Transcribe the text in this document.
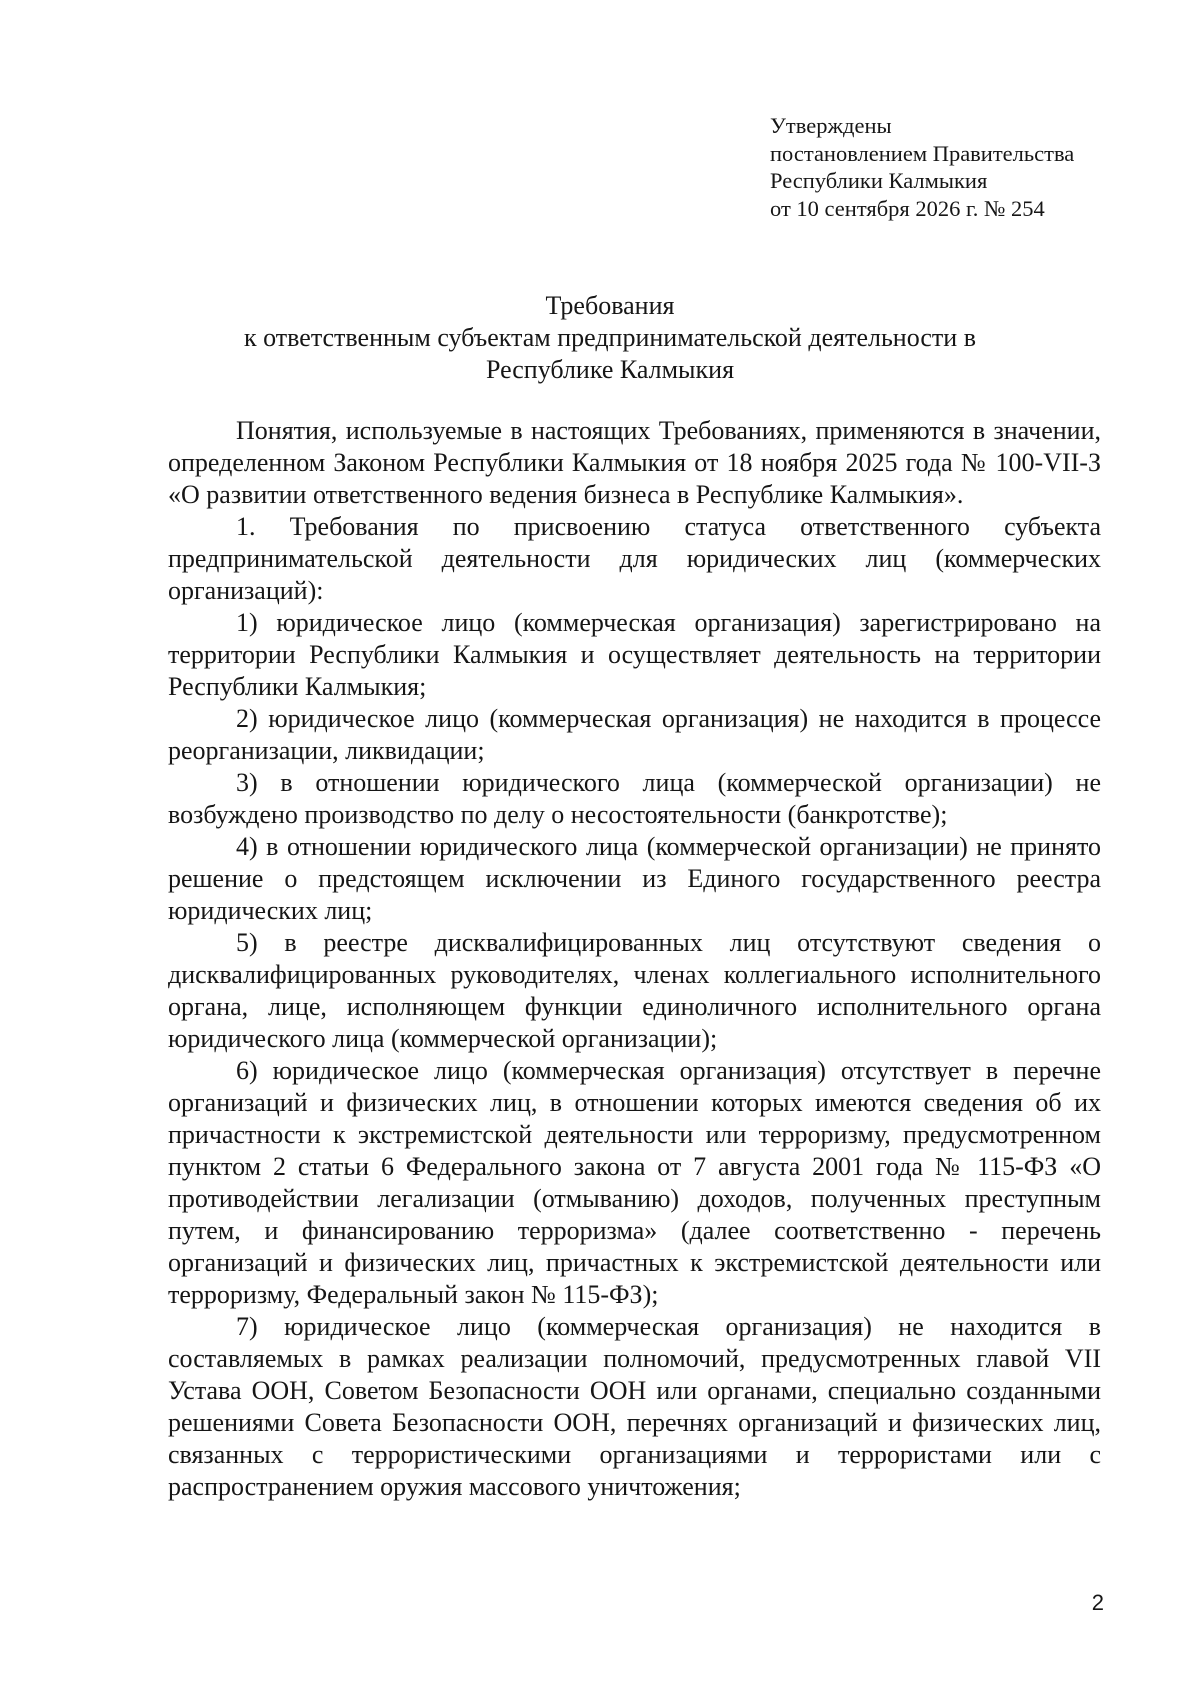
Утверждены
постановлением Правительства
Республики Калмыкия
от 10 сентября 2026 г. № 254
Требования
к ответственным субъектам предпринимательской деятельности в
Республике Калмыкия

Понятия, используемые в настоящих Требованиях, применяются в значении, определенном Законом Республики Калмыкия от 18 ноября 2025 года № 100-VII-З «О развитии ответственного ведения бизнеса в Республике Калмыкия».

1. Требования по присвоению статуса ответственного субъекта предпринимательской деятельности для юридических лиц (коммерческих организаций):

1) юридическое лицо (коммерческая организация) зарегистрировано на территории Республики Калмыкия и осуществляет деятельность на территории Республики Калмыкия;

2) юридическое лицо (коммерческая организация) не находится в процессе реорганизации, ликвидации;

3) в отношении юридического лица (коммерческой организации) не возбуждено производство по делу о несостоятельности (банкротстве);

4) в отношении юридического лица (коммерческой организации) не принято решение о предстоящем исключении из Единого государственного реестра юридических лиц;

5) в реестре дисквалифицированных лиц отсутствуют сведения о дисквалифицированных руководителях, членах коллегиального исполнительного органа, лице, исполняющем функции единоличного исполнительного органа юридического лица (коммерческой организации);

6) юридическое лицо (коммерческая организация) отсутствует в перечне организаций и физических лиц, в отношении которых имеются сведения об их причастности к экстремистской деятельности или терроризму, предусмотренном пунктом 2 статьи 6 Федерального закона от 7 августа 2001 года № 115-ФЗ «О противодействии легализации (отмыванию) доходов, полученных преступным путем, и финансированию терроризма» (далее соответственно - перечень организаций и физических лиц, причастных к экстремистской деятельности или терроризму, Федеральный закон № 115-ФЗ);

7) юридическое лицо (коммерческая организация) не находится в составляемых в рамках реализации полномочий, предусмотренных главой VII Устава ООН, Советом Безопасности ООН или органами, специально созданными решениями Совета Безопасности ООН, перечнях организаций и физических лиц, связанных с террористическими организациями и террористами или с распространением оружия массового уничтожения;

2
